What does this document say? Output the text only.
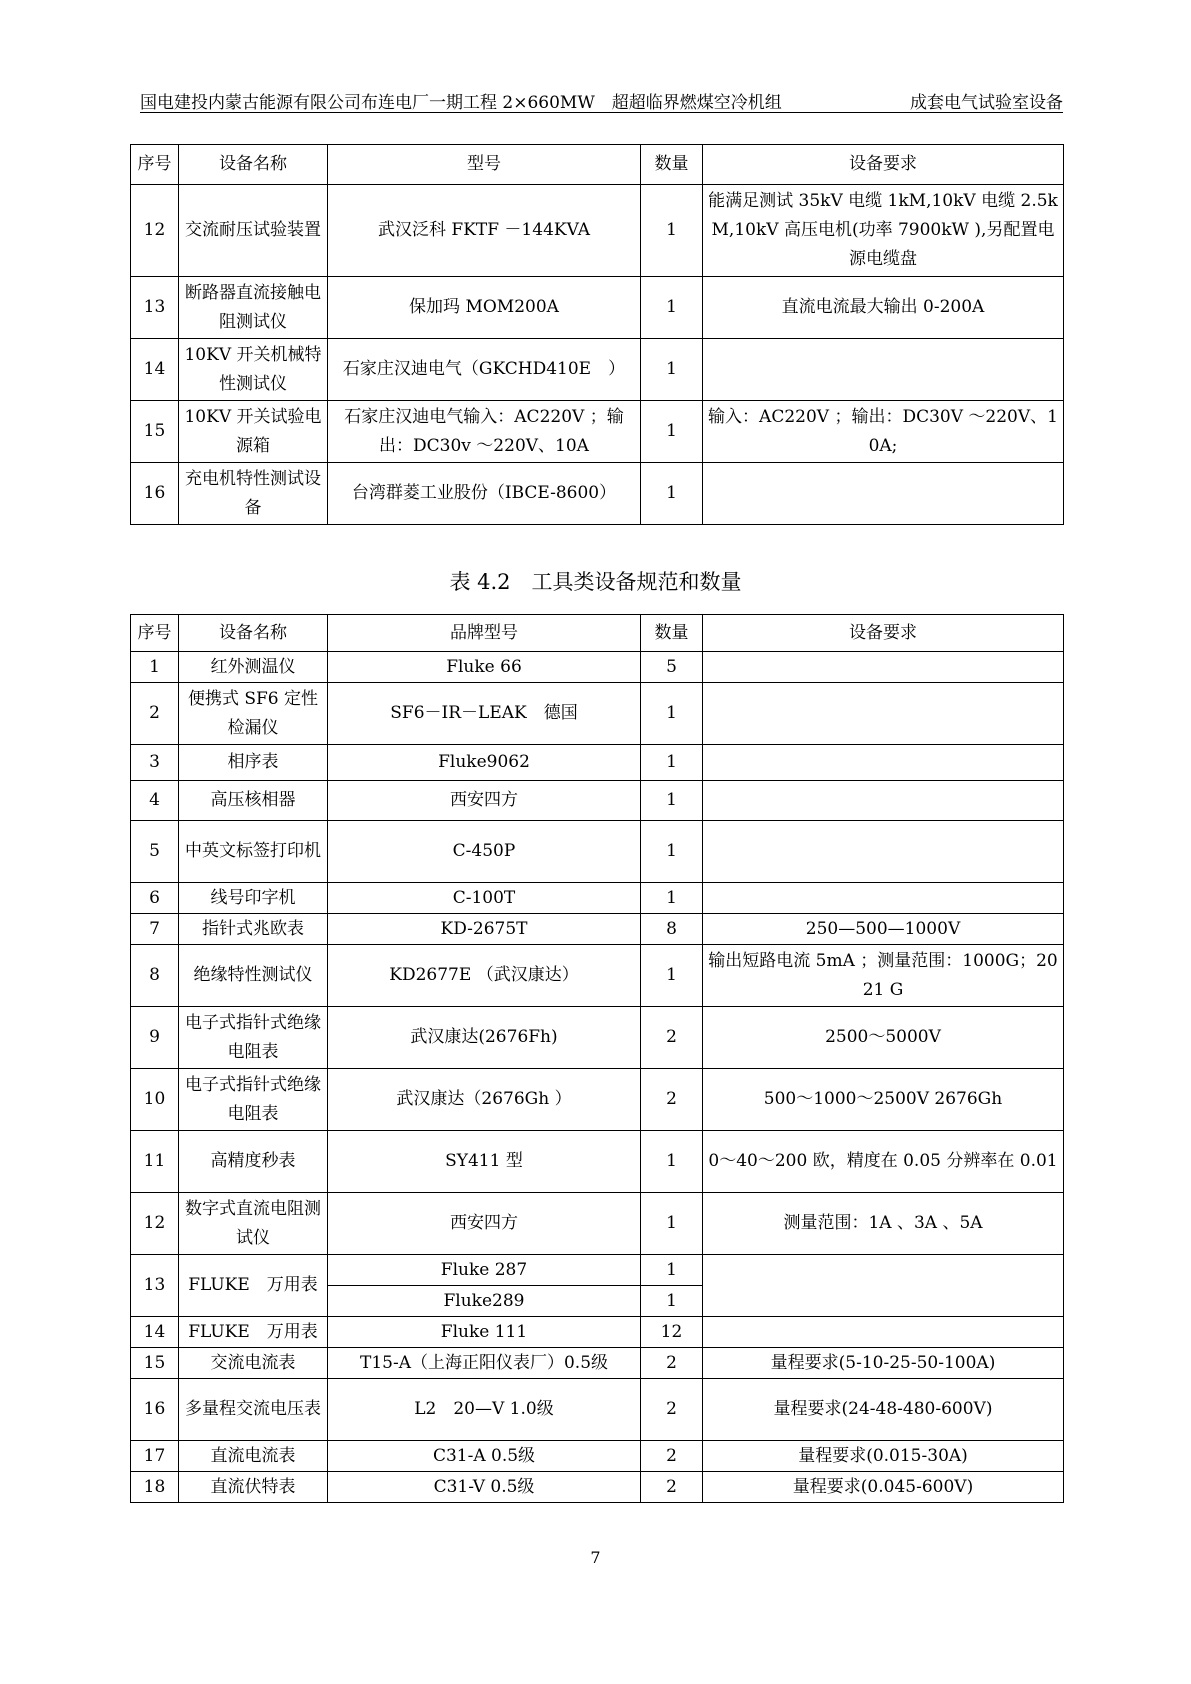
国电建投内蒙古能源有限公司布连电厂一期工程 2×660MW　超超临界燃煤空冷机组	成套电气试验室设备
序号	设备名称	型号	数量	设备要求
12	交流耐压试验装置	武汉泛科 FKTF －144KVA	1	能满足测试 35kV 电缆 1kM,10kV 电缆 2.5kM,10kV 高压电机(功率 7900kW ),另配置电源电缆盘
13	断路器直流接触电阻测试仪	保加玛 MOM200A	1	直流电流最大输出 0-200A
14	10KV 开关机械特性测试仪	石家庄汉迪电气（GKCHD410E　）	1	
15	10KV 开关试验电源箱	石家庄汉迪电气输入：AC220V ；输出：DC30v ～220V、10A	1	输入：AC220V ；输出：DC30V ～220V、10A;
16	充电机特性测试设备	台湾群菱工业股份（IBCE-8600）	1	
表 4.2　工具类设备规范和数量
序号	设备名称	品牌型号	数量	设备要求
1	红外测温仪	Fluke 66	5	
2	便携式 SF6 定性检漏仪	SF6－IR－LEAK　德国	1	
3	相序表	Fluke9062	1	
4	高压核相器	西安四方	1	
5	中英文标签打印机	C-450P	1	
6	线号印字机	C-100T	1	
7	指针式兆欧表	KD-2675T	8	250—500—1000V
8	绝缘特性测试仪	KD2677E （武汉康达）	1	输出短路电流 5mA ；测量范围：1000G；2021 G
9	电子式指针式绝缘电阻表	武汉康达(2676Fh)	2	2500～5000V
10	电子式指针式绝缘电阻表	武汉康达（2676Gh ）	2	500～1000～2500V 2676Gh
11	高精度秒表	SY411 型	1	0～40～200 欧，精度在 0.05 分辨率在 0.01
12	数字式直流电阻测试仪	西安四方	1	测量范围：1A 、3A 、5A
13	FLUKE　万用表	Fluke 287	1	
		Fluke289	1	
14	FLUKE　万用表	Fluke 111	12	
15	交流电流表	T15-A（上海正阳仪表厂）0.5级	2	量程要求(5-10-25-50-100A)
16	多量程交流电压表	L2　20—V 1.0级	2	量程要求(24-48-480-600V)
17	直流电流表	C31-A 0.5级	2	量程要求(0.015-30A)
18	直流伏特表	C31-V 0.5级	2	量程要求(0.045-600V)
7
